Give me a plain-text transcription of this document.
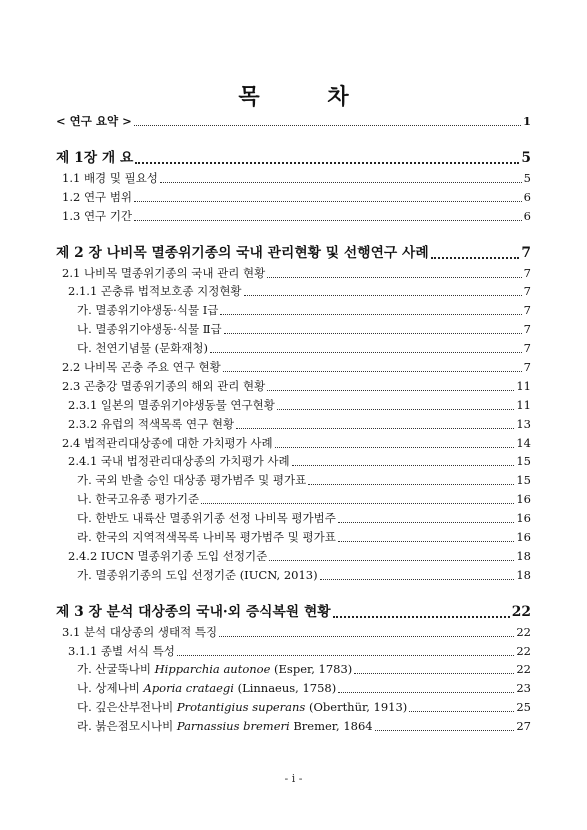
목 차
< 연구 요약 >	1
제 1장 개 요	5
1.1 배경 및 필요성	5
1.2 연구 범위	6
1.3 연구 기간	6
제 2 장 나비목 멸종위기종의 국내 관리현황 및 선행연구 사례	7
2.1 나비목 멸종위기종의 국내 관리 현황	7
2.1.1 곤충류 법적보호종 지정현황	7
가. 멸종위기야생동·식물 Ⅰ급	7
나. 멸종위기야생동·식물 Ⅱ급	7
다. 천연기념물 (문화재청)	7
2.2 나비목 곤충 주요 연구 현황	7
2.3 곤충강 멸종위기종의 해외 관리 현황	11
2.3.1 일본의 멸종위기야생동물 연구현황	11
2.3.2 유럽의 적색목록 연구 현황	13
2.4 법적관리대상종에 대한 가치평가 사례	14
2.4.1 국내 법정관리대상종의 가치평가 사례	15
가. 국외 반출 승인 대상종 평가범주 및 평가표	15
나. 한국고유종 평가기준	16
다. 한반도 내륙산 멸종위기종 선정 나비목 평가범주	16
라. 한국의 지역적색목록 나비목 평가범주 및 평가표	16
2.4.2 IUCN 멸종위기종 도입 선정기준	18
가. 멸종위기종의 도입 선정기준 (IUCN, 2013)	18
제 3 장 분석 대상종의 국내·외 증식복원 현황	22
3.1 분석 대상종의 생태적 특징	22
3.1.1 종별 서식 특성	22
가. 산굴뚝나비 Hipparchia autonoe (Esper, 1783)	22
나. 상제나비 Aporia crataegi (Linnaeus, 1758)	23
다. 깊은산부전나비 Protantigius superans (Oberthür, 1913)	25
라. 붉은점모시나비 Parnassius bremeri Bremer, 1864	27
- i -
